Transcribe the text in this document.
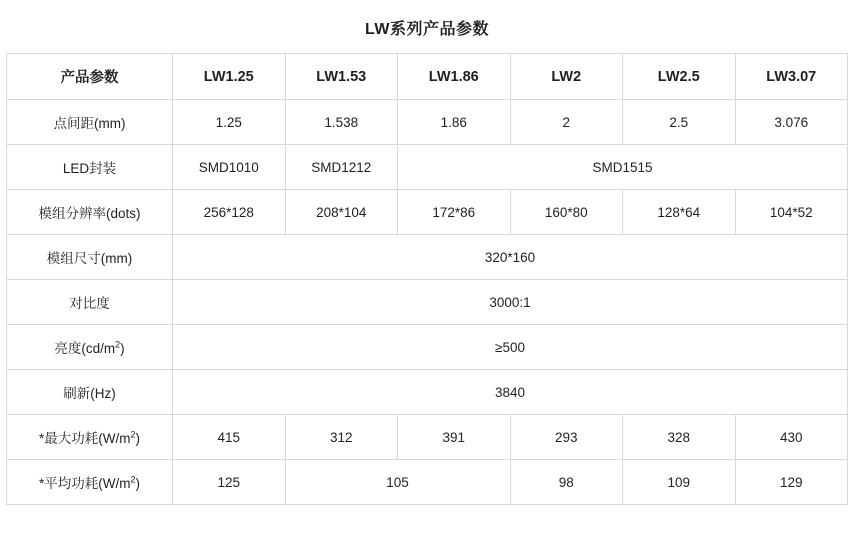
LW系列产品参数
产品参数	LW1.25	LW1.53	LW1.86	LW2	LW2.5	LW3.07
点间距(mm)	1.25	1.538	1.86	2	2.5	3.076
LED封装	SMD1010	SMD1212	SMD1515			
模组分辨率(dots)	256*128	208*104	172*86	160*80	128*64	104*52
模组尺寸(mm)	320*160					
对比度	3000:1					
亮度$(cd/m^2)$	≥500					
刷新(Hz)	3840					
*最大功耗$(W/m^2)$	415	312	391	293	328	430
*平均功耗$(W/m^2)$	125	105		98	109	129
